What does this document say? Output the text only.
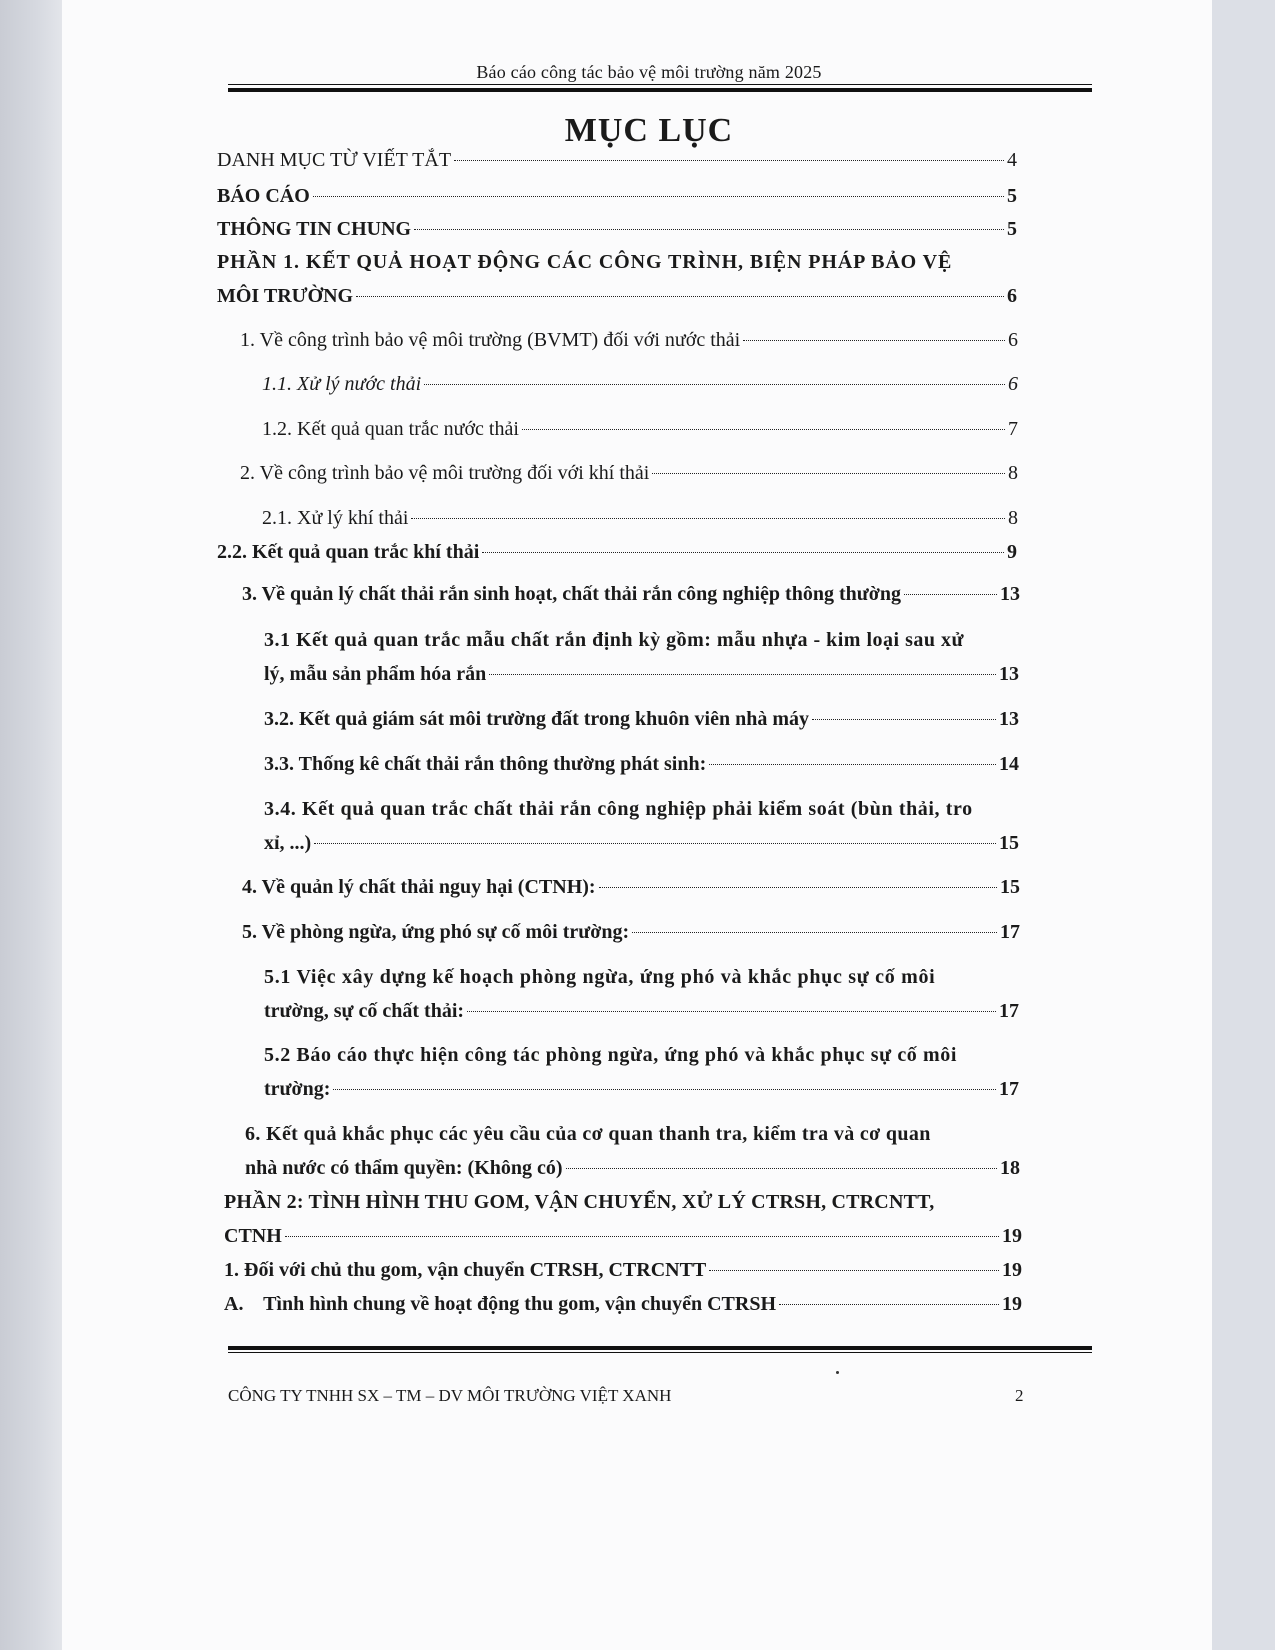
Báo cáo công tác bảo vệ môi trường năm 2025
MỤC LỤC
DANH MỤC TỪ VIẾT TẮT	4
BÁO CÁO	5
THÔNG TIN CHUNG	5
PHẦN 1. KẾT QUẢ HOẠT ĐỘNG CÁC CÔNG TRÌNH, BIỆN PHÁP BẢO VỆ
MÔI TRƯỜNG	6
1. Về công trình bảo vệ môi trường (BVMT) đối với nước thải	6
1.1. Xử lý nước thải	6
1.2. Kết quả quan trắc nước thải	7
2. Về công trình bảo vệ môi trường đối với khí thải	8
2.1. Xử lý khí thải	8
2.2. Kết quả quan trắc khí thải	9
3. Về quản lý chất thải rắn sinh hoạt, chất thải rắn công nghiệp thông thường	13
3.1 Kết quả quan trắc mẫu chất rắn định kỳ gồm: mẫu nhựa - kim loại sau xử
lý, mẫu sản phẩm hóa rắn	13
3.2. Kết quả giám sát môi trường đất trong khuôn viên nhà máy	13
3.3. Thống kê chất thải rắn thông thường phát sinh:	14
3.4. Kết quả quan trắc chất thải rắn công nghiệp phải kiểm soát (bùn thải, tro
xỉ, ...)	15
4. Về quản lý chất thải nguy hại (CTNH):	15
5. Về phòng ngừa, ứng phó sự cố môi trường:	17
5.1 Việc xây dựng kế hoạch phòng ngừa, ứng phó và khắc phục sự cố môi
trường, sự cố chất thải:	17
5.2 Báo cáo thực hiện công tác phòng ngừa, ứng phó và khắc phục sự cố môi
trường:	17
6. Kết quả khắc phục các yêu cầu của cơ quan thanh tra, kiểm tra và cơ quan
nhà nước có thẩm quyền: (Không có)	18
PHẦN 2: TÌNH HÌNH THU GOM, VẬN CHUYỂN, XỬ LÝ CTRSH, CTRCNTT,
CTNH	19
1. Đối với chủ thu gom, vận chuyển CTRSH, CTRCNTT	19
A.    Tình hình chung về hoạt động thu gom, vận chuyển CTRSH	19
CÔNG TY TNHH SX – TM – DV MÔI TRƯỜNG VIỆT XANH	2
